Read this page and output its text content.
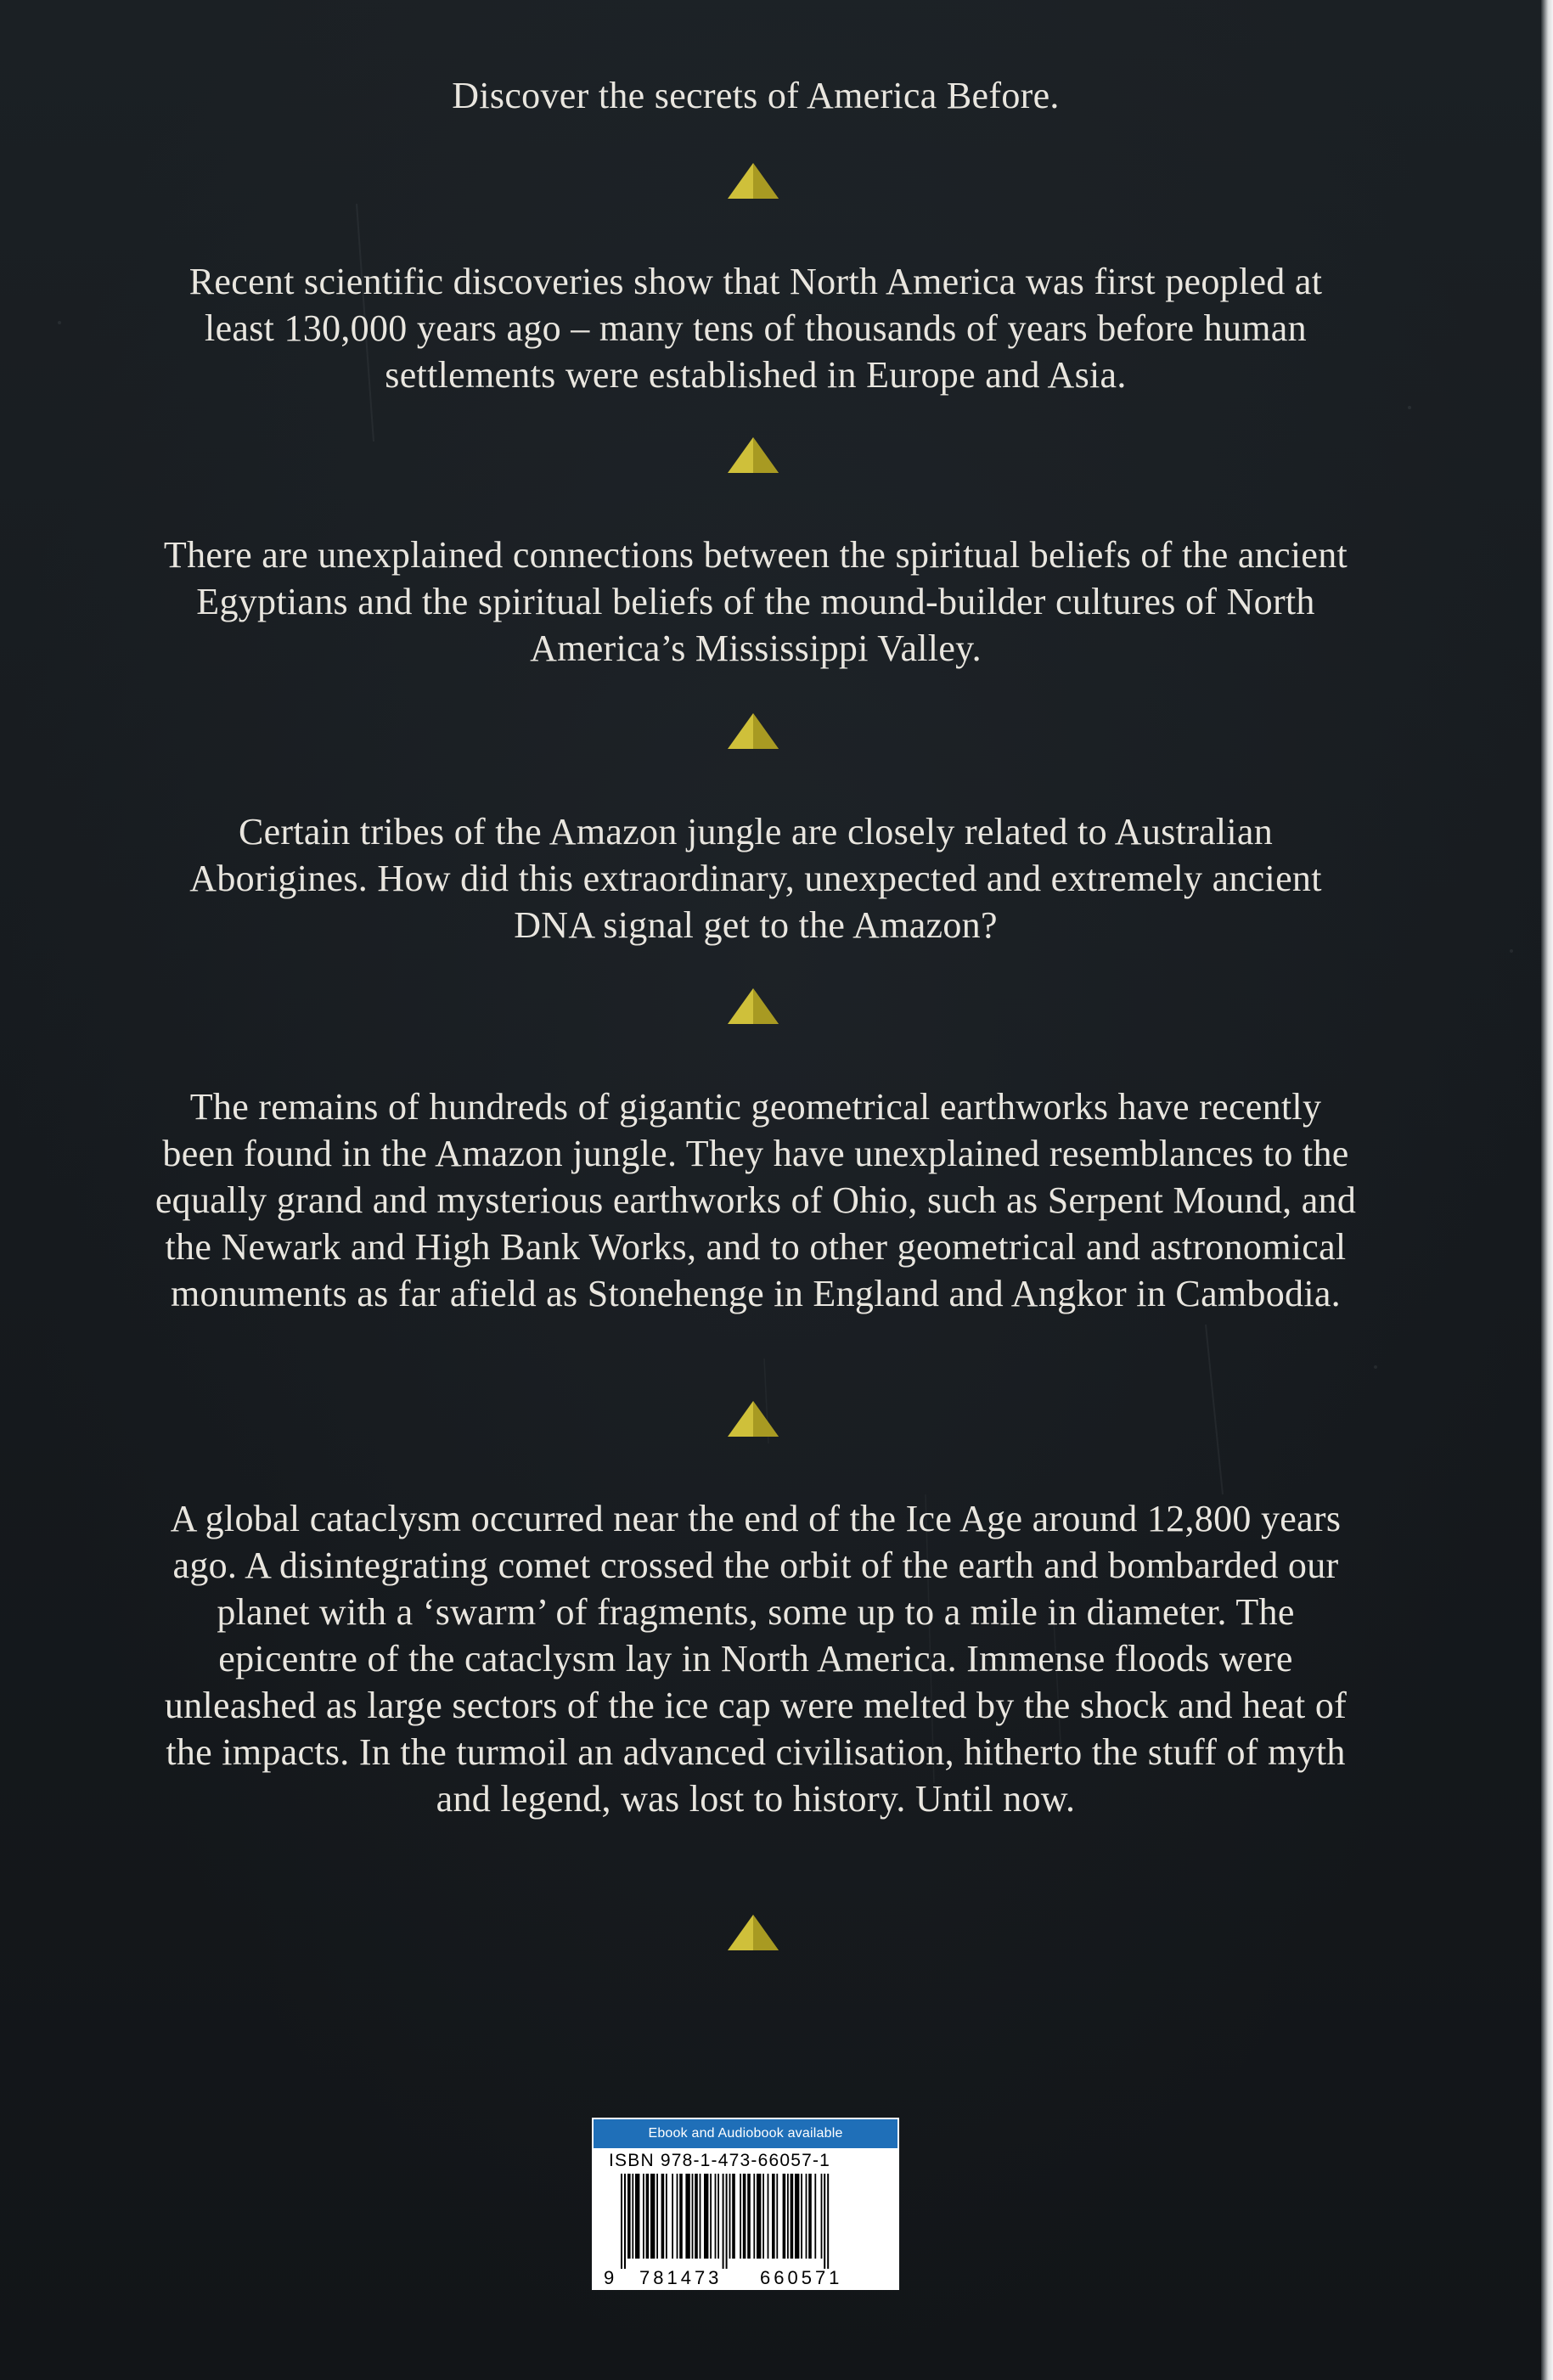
Discover the secrets of America Before.

Recent scientific discoveries show that North America was first peopled at least 130,000 years ago – many tens of thousands of years before human settlements were established in Europe and Asia.

There are unexplained connections between the spiritual beliefs of the ancient Egyptians and the spiritual beliefs of the mound-builder cultures of North America’s Mississippi Valley.

Certain tribes of the Amazon jungle are closely related to Australian Aborigines. How did this extraordinary, unexpected and extremely ancient DNA signal get to the Amazon?

The remains of hundreds of gigantic geometrical earthworks have recently been found in the Amazon jungle. They have unexplained resemblances to the equally grand and mysterious earthworks of Ohio, such as Serpent Mound, and the Newark and High Bank Works, and to other geometrical and astronomical monuments as far afield as Stonehenge in England and Angkor in Cambodia.

A global cataclysm occurred near the end of the Ice Age around 12,800 years ago. A disintegrating comet crossed the orbit of the earth and bombarded our planet with a ‘swarm’ of fragments, some up to a mile in diameter. The epicentre of the cataclysm lay in North America. Immense floods were unleashed as large sectors of the ice cap were melted by the shock and heat of the impacts. In the turmoil an advanced civilisation, hitherto the stuff of myth and legend, was lost to history. Until now.

Ebook and Audiobook available
ISBN 978-1-473-66057-1
9 781473 660571
